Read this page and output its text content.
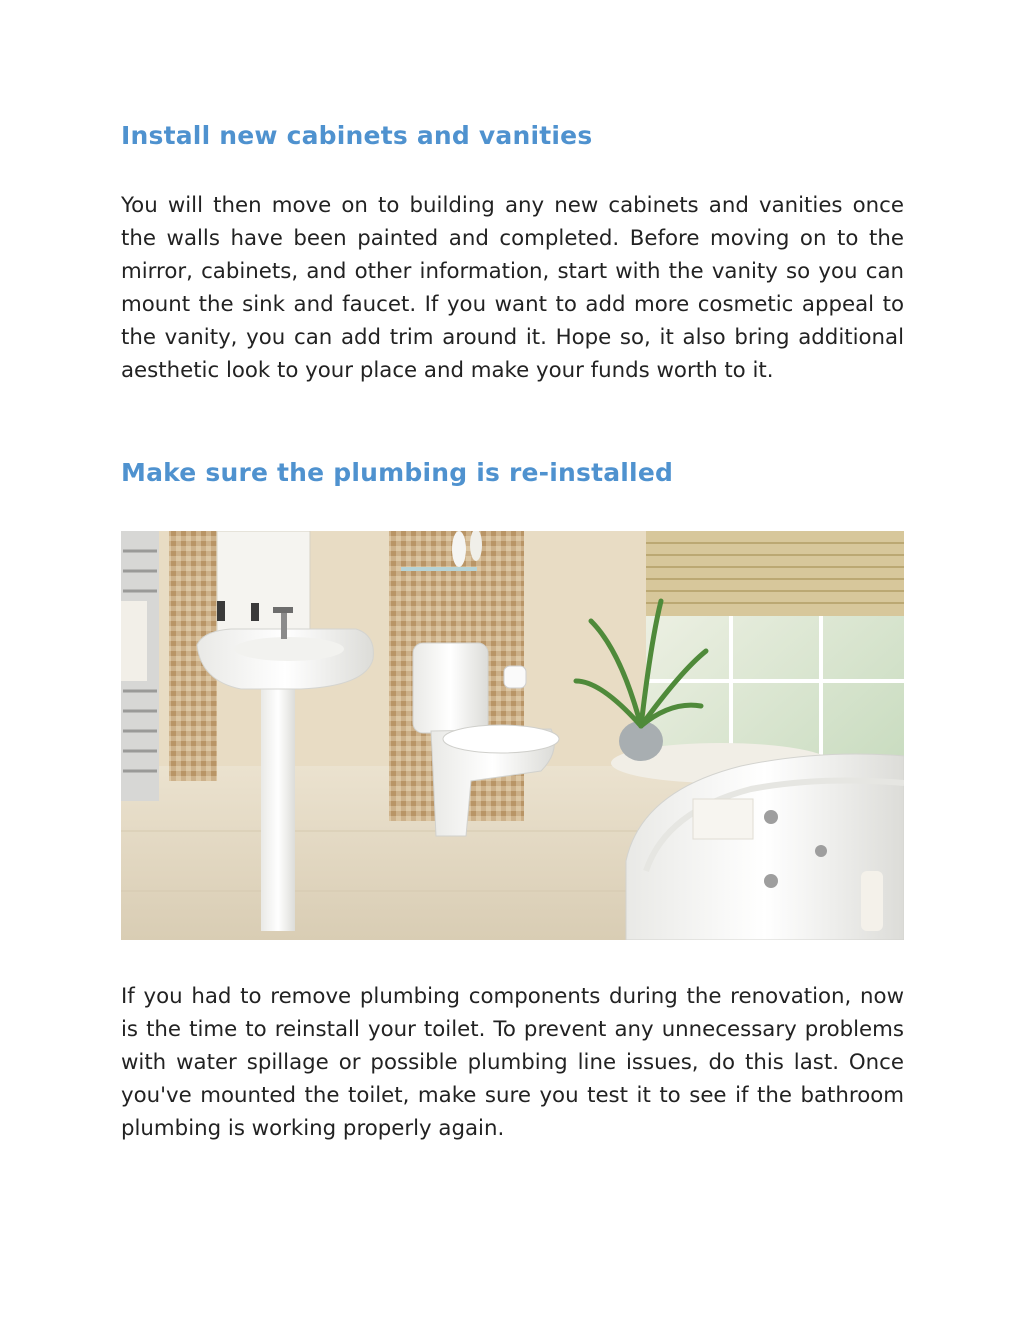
Install new cabinets and vanities

You will then move on to building any new cabinets and vanities once the walls have been painted and completed. Before moving on to the mirror, cabinets, and other information, start with the vanity so you can mount the sink and faucet. If you want to add more cosmetic appeal to the vanity, you can add trim around it. Hope so, it also bring additional aesthetic look to your place and make your funds worth to it.

Make sure the plumbing is re-installed

If you had to remove plumbing components during the renovation, now is the time to reinstall your toilet. To prevent any unnecessary problems with water spillage or possible plumbing line issues, do this last. Once you've mounted the toilet, make sure you test it to see if the bathroom plumbing is working properly again.
